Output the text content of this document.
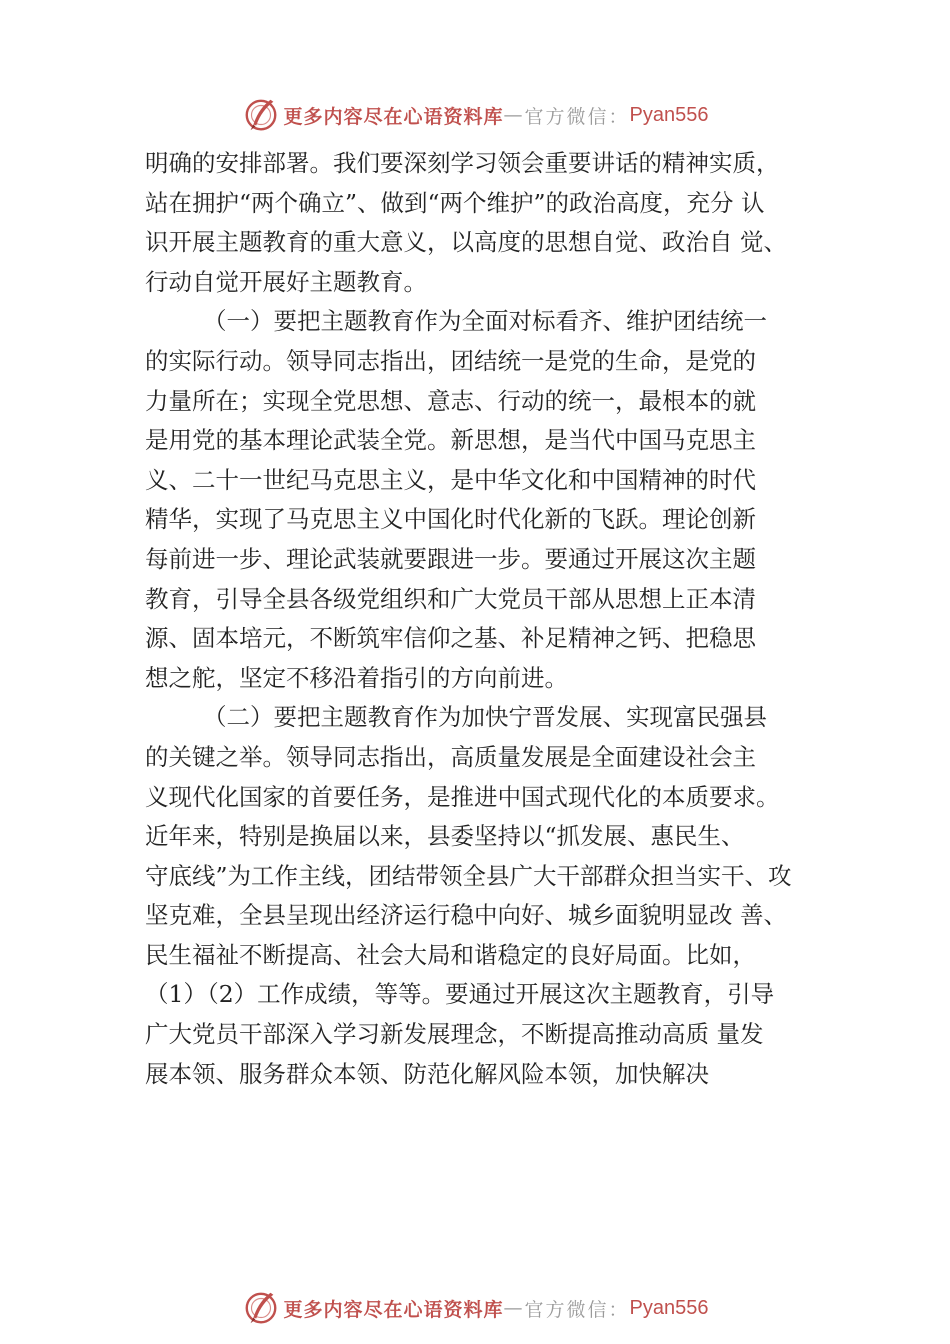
更多内容尽在心语资料库 — 官方微信： Pyan556
明确的安排部署。我们要深刻学习领会重要讲话的精神实质，
站在拥护“两个确立”、做到“两个维护”的政治高度，充分 认
识开展主题教育的重大意义，以高度的思想自觉、政治自 觉、
行动自觉开展好主题教育。
（一）要把主题教育作为全面对标看齐、维护团结统一
的实际行动。领导同志指出，团结统一是党的生命，是党的
力量所在；实现全党思想、意志、行动的统一，最根本的就
是用党的基本理论武装全党。新思想，是当代中国马克思主
义、二十一世纪马克思主义，是中华文化和中国精神的时代
精华，实现了马克思主义中国化时代化新的飞跃。理论创新
每前进一步、理论武装就要跟进一步。要通过开展这次主题
教育，引导全县各级党组织和广大党员干部从思想上正本清
源、固本培元，不断筑牢信仰之基、补足精神之钙、把稳思
想之舵，坚定不移沿着指引的方向前进。
（二）要把主题教育作为加快宁晋发展、实现富民强县
的关键之举。领导同志指出，高质量发展是全面建设社会主
义现代化国家的首要任务，是推进中国式现代化的本质要求。
近年来，特别是换届以来，县委坚持以“抓发展、惠民生、
守底线”为工作主线，团结带领全县广大干部群众担当实干、攻
坚克难，全县呈现出经济运行稳中向好、城乡面貌明显改 善、
民生福祉不断提高、社会大局和谐稳定的良好局面。比如，
（1）（2）工作成绩，等等。要通过开展这次主题教育，引导
广大党员干部深入学习新发展理念，不断提高推动高质 量发
展本领、服务群众本领、防范化解风险本领，加快解决
更多内容尽在心语资料库 — 官方微信： Pyan556
